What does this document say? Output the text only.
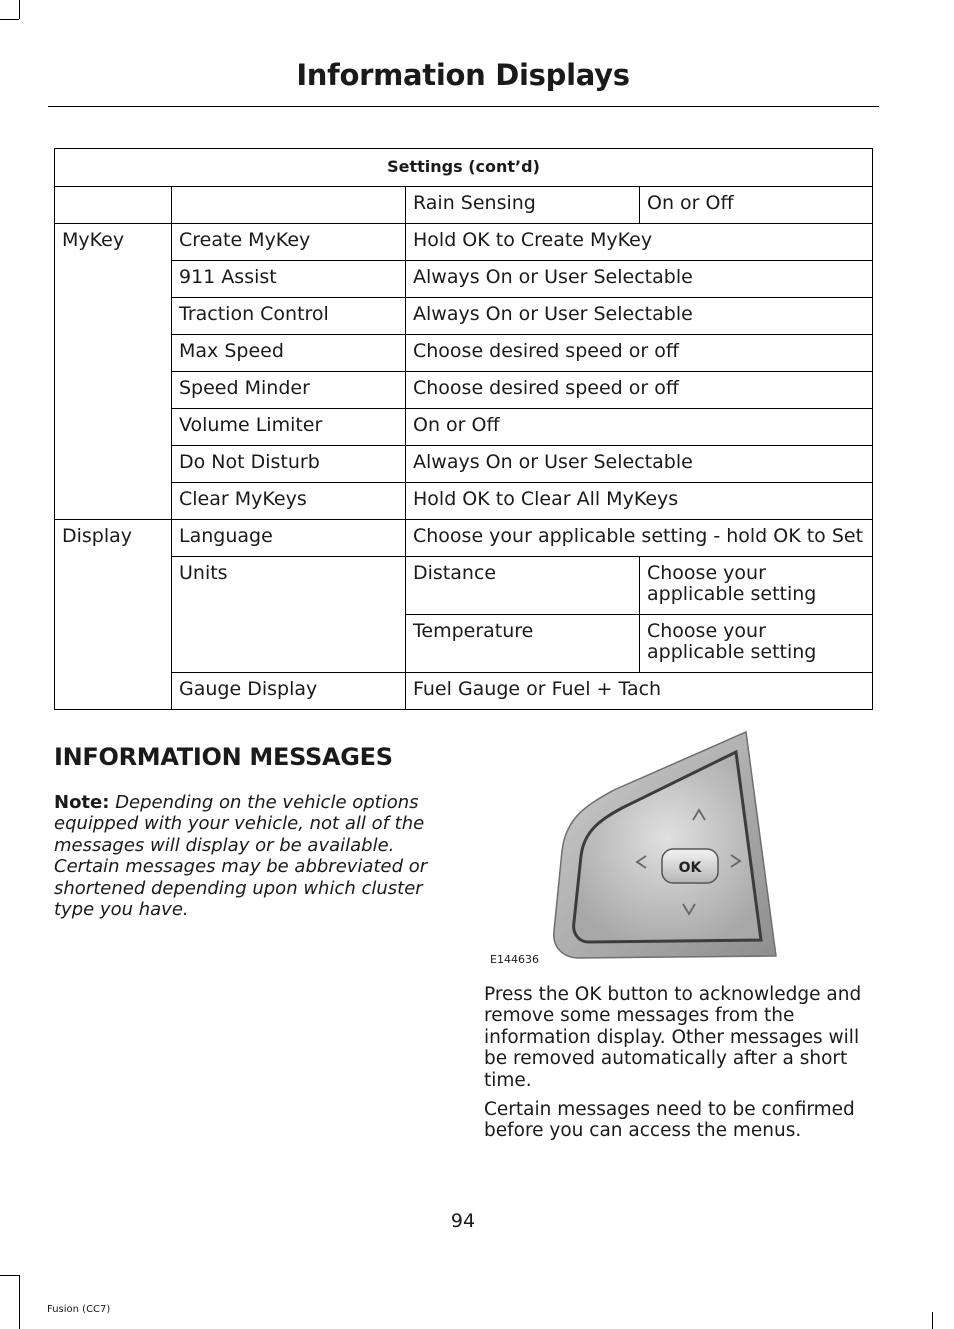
Information Displays
Settings (cont’d)			
		Rain Sensing	On or Off
MyKey	Create MyKey	Hold OK to Create MyKey	
	911 Assist	Always On or User Selectable	
	Traction Control	Always On or User Selectable	
	Max Speed	Choose desired speed or off	
	Speed Minder	Choose desired speed or off	
	Volume Limiter	On or Off	
	Do Not Disturb	Always On or User Selectable	
	Clear MyKeys	Hold OK to Clear All MyKeys	
Display	Language	Choose your applicable setting - hold OK to Set	
	Units	Distance	Choose your applicable setting
		Temperature	Choose your applicable setting
	Gauge Display	Fuel Gauge or Fuel + Tach	
INFORMATION MESSAGES
Note: Depending on the vehicle options equipped with your vehicle, not all of the messages will display or be available. Certain messages may be abbreviated or shortened depending upon which cluster type you have.
OK
E144636
Press the OK button to acknowledge and remove some messages from the information display. Other messages will be removed automatically after a short time.
Certain messages need to be confirmed before you can access the menus.
94
Fusion (CC7)
